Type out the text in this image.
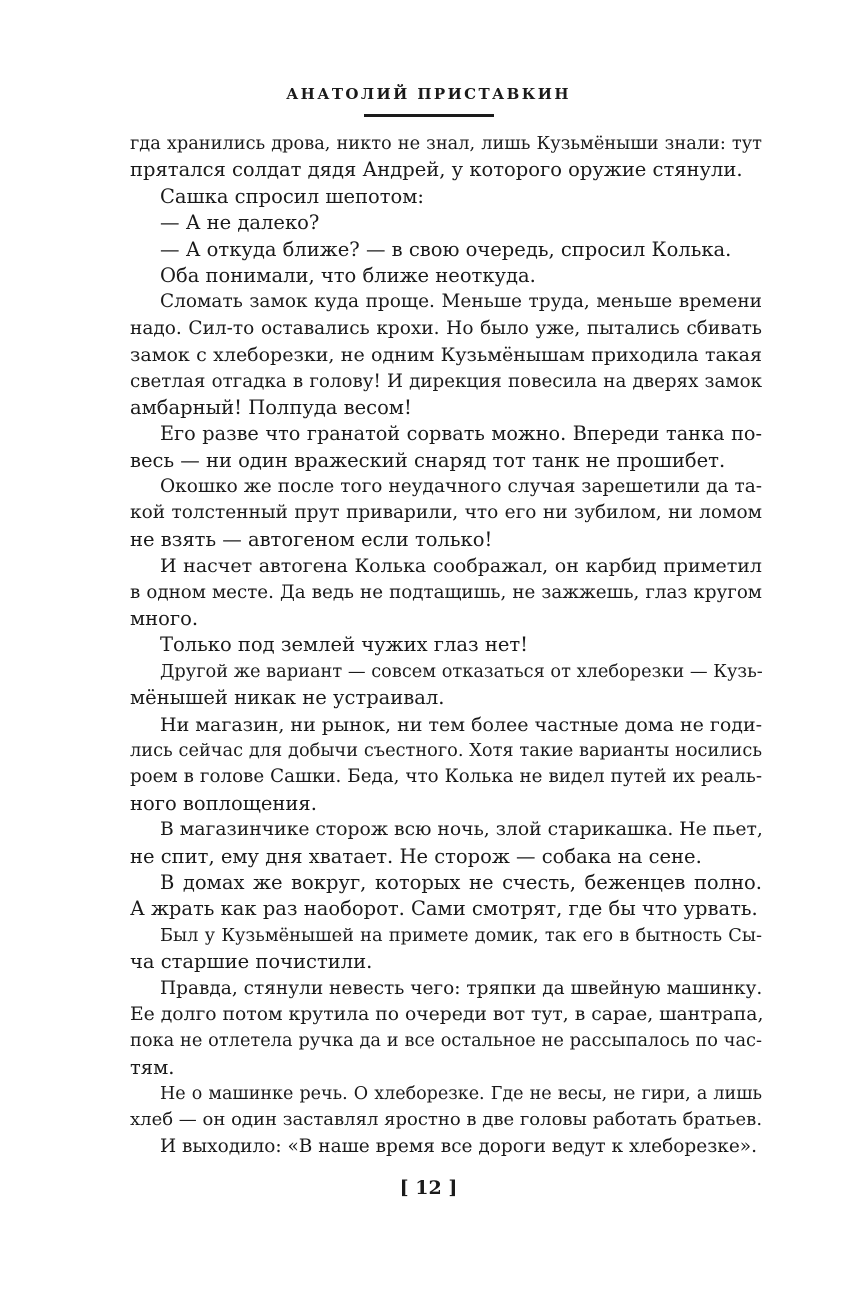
АНАТОЛИЙ ПРИСТАВКИН
гда хранились дрова, никто не знал, лишь Кузьмёныши знали: тут
прятался солдат дядя Андрей, у которого оружие стянули.
Сашка спросил шепотом:
— А не далеко?
— А откуда ближе? — в свою очередь, спросил Колька.
Оба понимали, что ближе неоткуда.
Сломать замок куда проще. Меньше труда, меньше времени
надо. Сил-то оставались крохи. Но было уже, пытались сбивать
замок с хлеборезки, не одним Кузьмёнышам приходила такая
светлая отгадка в голову! И дирекция повесила на дверях замок
амбарный! Полпуда весом!
Его разве что гранатой сорвать можно. Впереди танка по-
весь — ни один вражеский снаряд тот танк не прошибет.
Окошко же после того неудачного случая зарешетили да та-
кой толстенный прут приварили, что его ни зубилом, ни ломом
не взять — автогеном если только!
И насчет автогена Колька соображал, он карбид приметил
в одном месте. Да ведь не подтащишь, не зажжешь, глаз кругом
много.
Только под землей чужих глаз нет!
Другой же вариант — совсем отказаться от хлеборезки — Кузь-
мёнышей никак не устраивал.
Ни магазин, ни рынок, ни тем более частные дома не годи-
лись сейчас для добычи съестного. Хотя такие варианты носились
роем в голове Сашки. Беда, что Колька не видел путей их реаль-
ного воплощения.
В магазинчике сторож всю ночь, злой старикашка. Не пьет,
не спит, ему дня хватает. Не сторож — собака на сене.
В домах же вокруг, которых не счесть, беженцев полно.
А жрать как раз наоборот. Сами смотрят, где бы что урвать.
Был у Кузьмёнышей на примете домик, так его в бытность Сы-
ча старшие почистили.
Правда, стянули невесть чего: тряпки да швейную машинку.
Ее долго потом крутила по очереди вот тут, в сарае, шантрапа,
пока не отлетела ручка да и все остальное не рассыпалось по час-
тям.
Не о машинке речь. О хлеборезке. Где не весы, не гири, а лишь
хлеб — он один заставлял яростно в две головы работать братьев.
И выходило: «В наше время все дороги ведут к хлеборезке».
[ 12 ]
